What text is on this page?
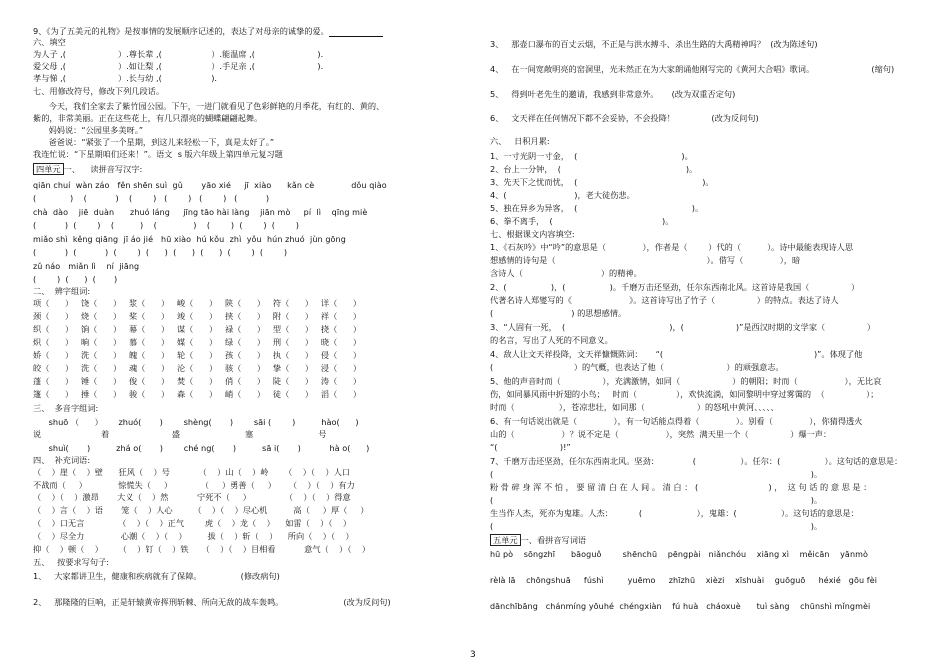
9、《为了五美元的礼物》是按事情的发展顺序记述的，表达了对母亲的诚挚的爱。
六、填空
为人子 ,(                    ）.尊长辈 ,(                   ）.能温席 ,(                        ).
爱父母 ,(                    ）.如让梨 ,(                   ）.手足亲 ,(                        ).
孝与悌 ,(                    ）.长与幼 ,(                   ).
七、用修改符号，修改下列几段话。
今天，我们全家去了紫竹园公园。下午，一进门就看见了色彩鲜艳的月季花，有红的、黄的、
紫的，非常美丽。正在这些花上，有几只漂亮的蝴蝶翩翩起舞。
妈妈说：“公园里多美呀。”
爸爸说：“紧张了一个星期，到这儿来轻松一下，真是太好了。”
我连忙说：“下星期咱们还来！”。语文  s 版六年级上第四单元复习题
四单元 一、    读拼音写汉字:
qiān chuí  wàn záo   fěn shēn suì  gǔ       yāo xié     jī  xiào      kǎn cè              dǒu qiào
(             )    (           )    (        )   (        )   (        )   (           )
chà  dào    jiē  duàn      zhuó láng     jīng tāo hài làng    jiān mò     pí  lì    qīng miè
(           )  (        )    (          )    (              )    (        )  (        )  (        )
miǎo shì  kěng qiāng  jī áo jié   hū xiào  hú kǒu  zhì  yǒu  hún zhuó  jùn gōng
(           )  (           )  (        )  (      )  (      )  (      )  (        )  (        )
zǔ náo   miǎn lì    ní  jiāng
(        )  (      )  (       )
二、  辨字组词:
项（      ）   饶（      ）   浆（      ）   峻（      ）   陕（      ）   符（      ）   详（      ）
颈（      ）   烧（      ）   桨（      ）   竣（      ）   挟（      ）   附（      ）   祥（      ）
织（      ）   饷（      ）   幕（      ）   谋（      ）   禄（      ）   型（      ）   挠（      ）
炽（      ）   晌（      ）   慕（      ）   媒（      ）   绿（      ）   刑（      ）   晓（      ）
娇（      ）   洗（      ）   魄（      ）   轮（      ）   孩（      ）   执（      ）   侵（      ）
皎（      ）   洗（      ）   魂（      ）   沦（      ）   骇（      ）   挚（      ）   浸（      ）
蓬（      ）   锤（      ）   俊（      ）   焚（      ）   俏（      ）   陡（      ）   涛（      ）
篷（      ）   捶（      ）   骏（      ）   森（      ）   峭（      ）   徒（      ）   滔（      ）
三、  多音字组词:
shuō （      ）      zhuó(       )        shèng(       )        sāi (        )          hào(      )
说                       着                        盛                         塞                         号
shuì(       )          zhá o(       )        ché ng(       )          sā i(       )           hà o(      )
四、  补充词语:
（    ）崖（    ）壁      狂风（    ）号           （    ）山（    ）岭      （    ）（    ）人口
不战而（     ）            惊慌失（     ）           （     ）勇善（     ）     （    ）（    ）有力
（    ）（    ）激昂       大义（    ）然           宁死不（     ）             （    ）（    ）得意
（    ）言（    ）语       笼（    ）人心        （    ）（    ）尽心机          高（     ）厚（     ）
（    ）口无言             （    ）（    ）正气        虎（    ）龙（    ）    如雷（    ）（    ）
（    ）尽全力              心潮（    ）（    ）        拔（    ）斩（    ）    所向（    ）（    ）
抑（    ）顿（    ）      （    ）钉（    ）铁     （    ）（    ）目相看           意气（    ）（    ）
五、   按要求写句子:
1、   大家都讲卫生，健康和疾病就有了保障。               (修改病句)
2、   那隆隆的巨响，正是轩辕黄帝挥刑斩棘、所向无敌的战车轰鸣。                       (改为反问句)
3、   那壶口瀑布的百丈云烟，不正是与洪水搏斗、杀出生路的大禹精神吗？  (改为陈述句)
4、   在一间宽敞明亮的窑洞里，光未然正在为大家朗诵他刚写完的《黄河大合唱》歌词。                      (缩句)
5、   得到叶老先生的邀请，我感到非常意外。     (改为双重否定句)
6、   文天祥在任何情况下都不会妥协，不会投降！              (改为反问句)
六、   日积月累:
1、一寸光阴一寸金，  (                                        )。
2、台上一分钟，  (                                                )。
3、先天下之忧而忧，  (                                                )。
4、(                          )，老大徒伤悲。
5、独在异乡为异客，  (                                            )。
6、拳不离手，  (                                          )。
七、根据课文内容填空:
1、《石灰吟》中“吟”的意思是（              ），作者是（        ）代的（          ）。诗中最能表现诗人思
想感情的诗句是（                                                          ）。借写（              ），暗
含诗人（                              ）的精神。
2、(                 )，(                 )。千磨万击还坚劲，任尔东西南北风。这首诗是我国（                ）
代著名诗人郑燮写的《                      》。这首诗写出了竹子（                ）的特点。表达了诗人
(                              ) 的思想感情。
3、“人固有一死，  (                                        )，(                    )”是西汉时期的文学家（                ）
的名言，写出了人死的不同意义。
4、敌人让文天祥投降，文天祥慷慨陈词：     “(                                                          )”。体现了他
(                               ）的气概，也表达了他（                        ）的顽强意志。
5、他的声音时而（                ），充满激情，如同（                    ）的朝阳；时而（                  ），无比哀
伤，如同暴风雨中折翅的小鸟；   时而（               ），欢快流淌，如同黎明中穿过雾霭的  （                ）；
时而（                 ），苍凉悲壮，如同那（                    ）的怒吼中黄河、、、、、
6、有一句话说出就是（              ），有一句话能点得着（              ）。别看（              ），你猜得透火
山的（                  ）？说不定是（                  ），突然  满天里一个（                ）爆一声：
“(                        )!”
7、千磨万击还坚劲，任尔东西南北风。坚劲：             (                 ）。任尔：(                 ）。这句话的意思是：
(                                                                                                                          )。
粉 骨 碎 身 浑 不 怕 ， 要 留 清 白 在 人 间 。 清 白 ： (                           ) ，  这 句 话 的 意 思 是 ：
(                                                                                                                          )。
生当作人杰，死亦为鬼雄。人杰：          (                     ），鬼雄：(                 ）。这句话的意思是：
(                                                                                                                          )。
五单元 一、看拼音写词语
hū pò    sōngzhī      bāoguǒ        shēnchū    pēngpài   niǎnchóu    xiāng xì    měicān    yānmò
rèlà lā    chōngshuā     fúshì         yuēmo     zhīzhū    xièzi    xīshuài    guōguō     héxié   gōu fèi
dānchībāng   chánmíng yōuhé  chéngxiàn    fú huà   cháoxuè      tuì sàng    chūnshì mǐngmèi
3
